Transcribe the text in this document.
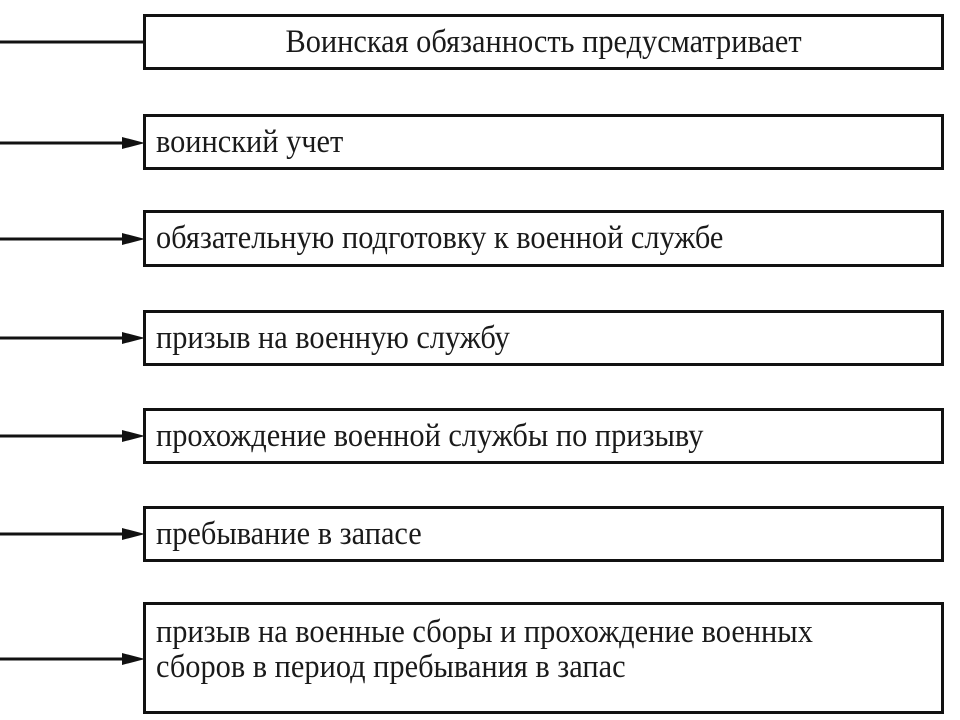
Воинская обязанность предусматривает
воинский учет
обязательную подготовку к военной службе
призыв на военную службу
прохождение военной службы по призыву
пребывание в запасе
призыв на военные сборы и прохождение военных сборов в период пребывания в запас
